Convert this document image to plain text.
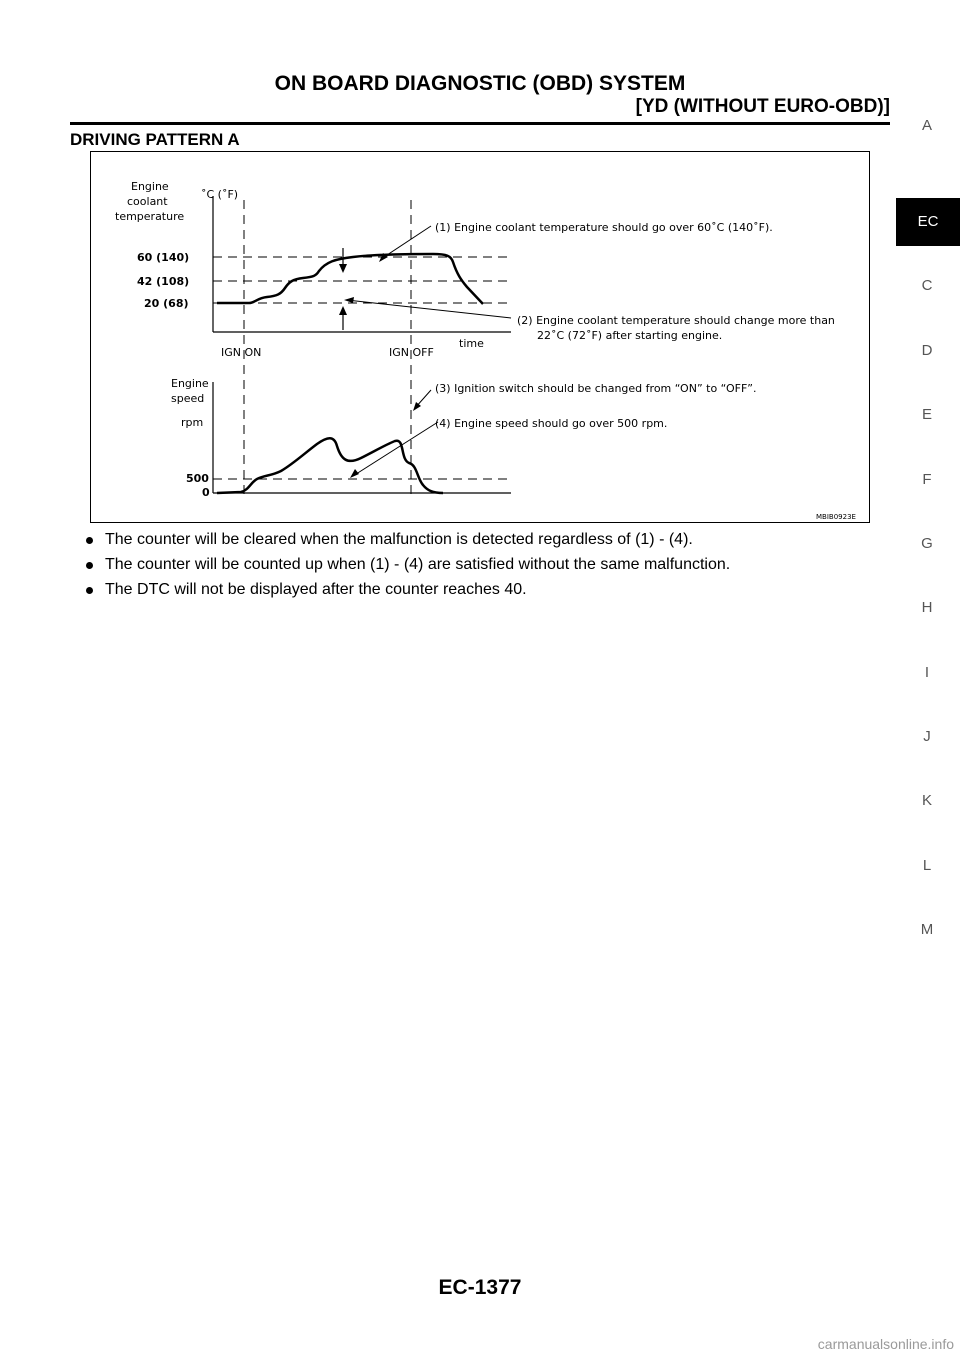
ON BOARD DIAGNOSTIC (OBD) SYSTEM
[YD (WITHOUT EURO-OBD)]
DRIVING PATTERN A
Engine
coolant
temperature
˚C (˚F)
60 (140)
42 (108)
20 (68)
time
IGN ON	IGN OFF
(1) Engine coolant temperature should go over 60˚C (140˚F).
(2) Engine coolant temperature should change more than
22˚C (72˚F) after starting engine.
Engine
speed
rpm
500
0
(3) Ignition switch should be changed from “ON” to “OFF”.
(4) Engine speed should go over 500 rpm.
MBIB0923E
The counter will be cleared when the malfunction is detected regardless of (1) - (4).
The counter will be counted up when (1) - (4) are satisfied without the same malfunction.
The DTC will not be displayed after the counter reaches 40.
A
EC
C
D
E
F
G
H
I
J
K
L
M
EC-1377
carmanualsonline.info
